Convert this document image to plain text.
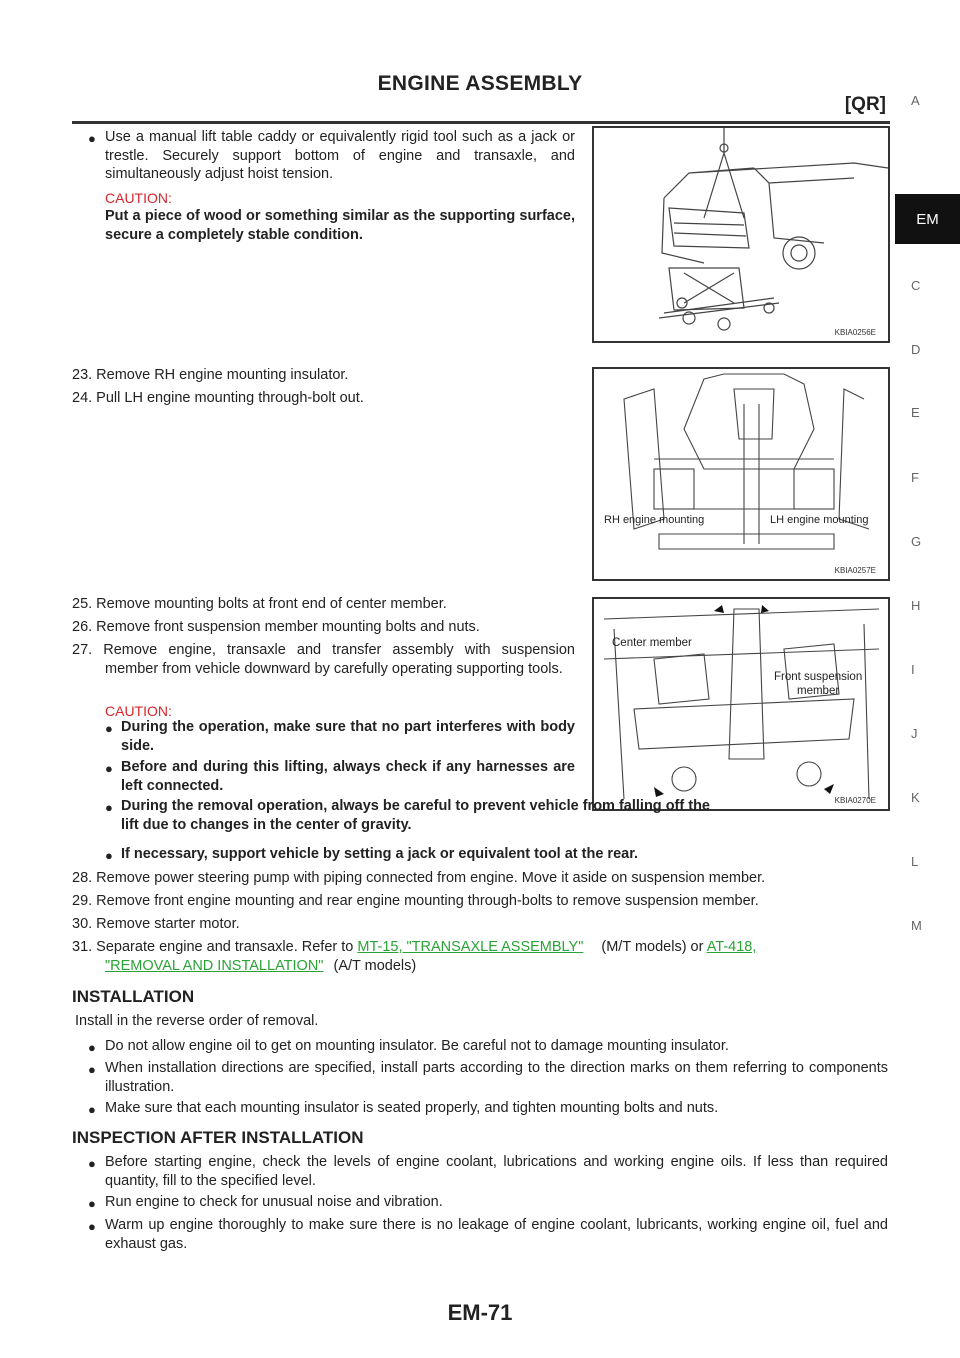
ENGINE ASSEMBLY
[QR] A
EM
C
D
E
F
G
H
I
J
K
L
M
● Use a manual lift table caddy or equivalently rigid tool such as a jack or trestle. Securely support bottom of engine and transaxle, and simultaneously adjust hoist tension.
CAUTION:
Put a piece of wood or something similar as the supporting surface, secure a completely stable condition.
KBIA0256E
23. Remove RH engine mounting insulator.
24. Pull LH engine mounting through-bolt out.
RH engine mounting	LH engine mounting
KBIA0257E
25. Remove mounting bolts at front end of center member.
26. Remove front suspension member mounting bolts and nuts.
27. Remove engine, transaxle and transfer assembly with suspension member from vehicle downward by carefully operating supporting tools.
Center member
Front suspension
member
KBIA0270E
CAUTION:
● During the operation, make sure that no part interferes with body side.
● Before and during this lifting, always check if any harnesses are left connected.
● During the removal operation, always be careful to prevent vehicle from falling off the lift due to changes in the center of gravity.
● If necessary, support vehicle by setting a jack or equivalent tool at the rear.
28. Remove power steering pump with piping connected from engine. Move it aside on suspension member.
29. Remove front engine mounting and rear engine mounting through-bolts to remove suspension member.
30. Remove starter motor.
31. Separate engine and transaxle. Refer to MT-15, "TRANSAXLE ASSEMBLY" (M/T models) or AT-418,
"REMOVAL AND INSTALLATION" (A/T models)
INSTALLATION
Install in the reverse order of removal.
● Do not allow engine oil to get on mounting insulator. Be careful not to damage mounting insulator.
● When installation directions are specified, install parts according to the direction marks on them referring to components illustration.
● Make sure that each mounting insulator is seated properly, and tighten mounting bolts and nuts.
INSPECTION AFTER INSTALLATION
● Before starting engine, check the levels of engine coolant, lubrications and working engine oils. If less than required quantity, fill to the specified level.
● Run engine to check for unusual noise and vibration.
● Warm up engine thoroughly to make sure there is no leakage of engine coolant, lubricants, working engine oil, fuel and exhaust gas.
EM-71
